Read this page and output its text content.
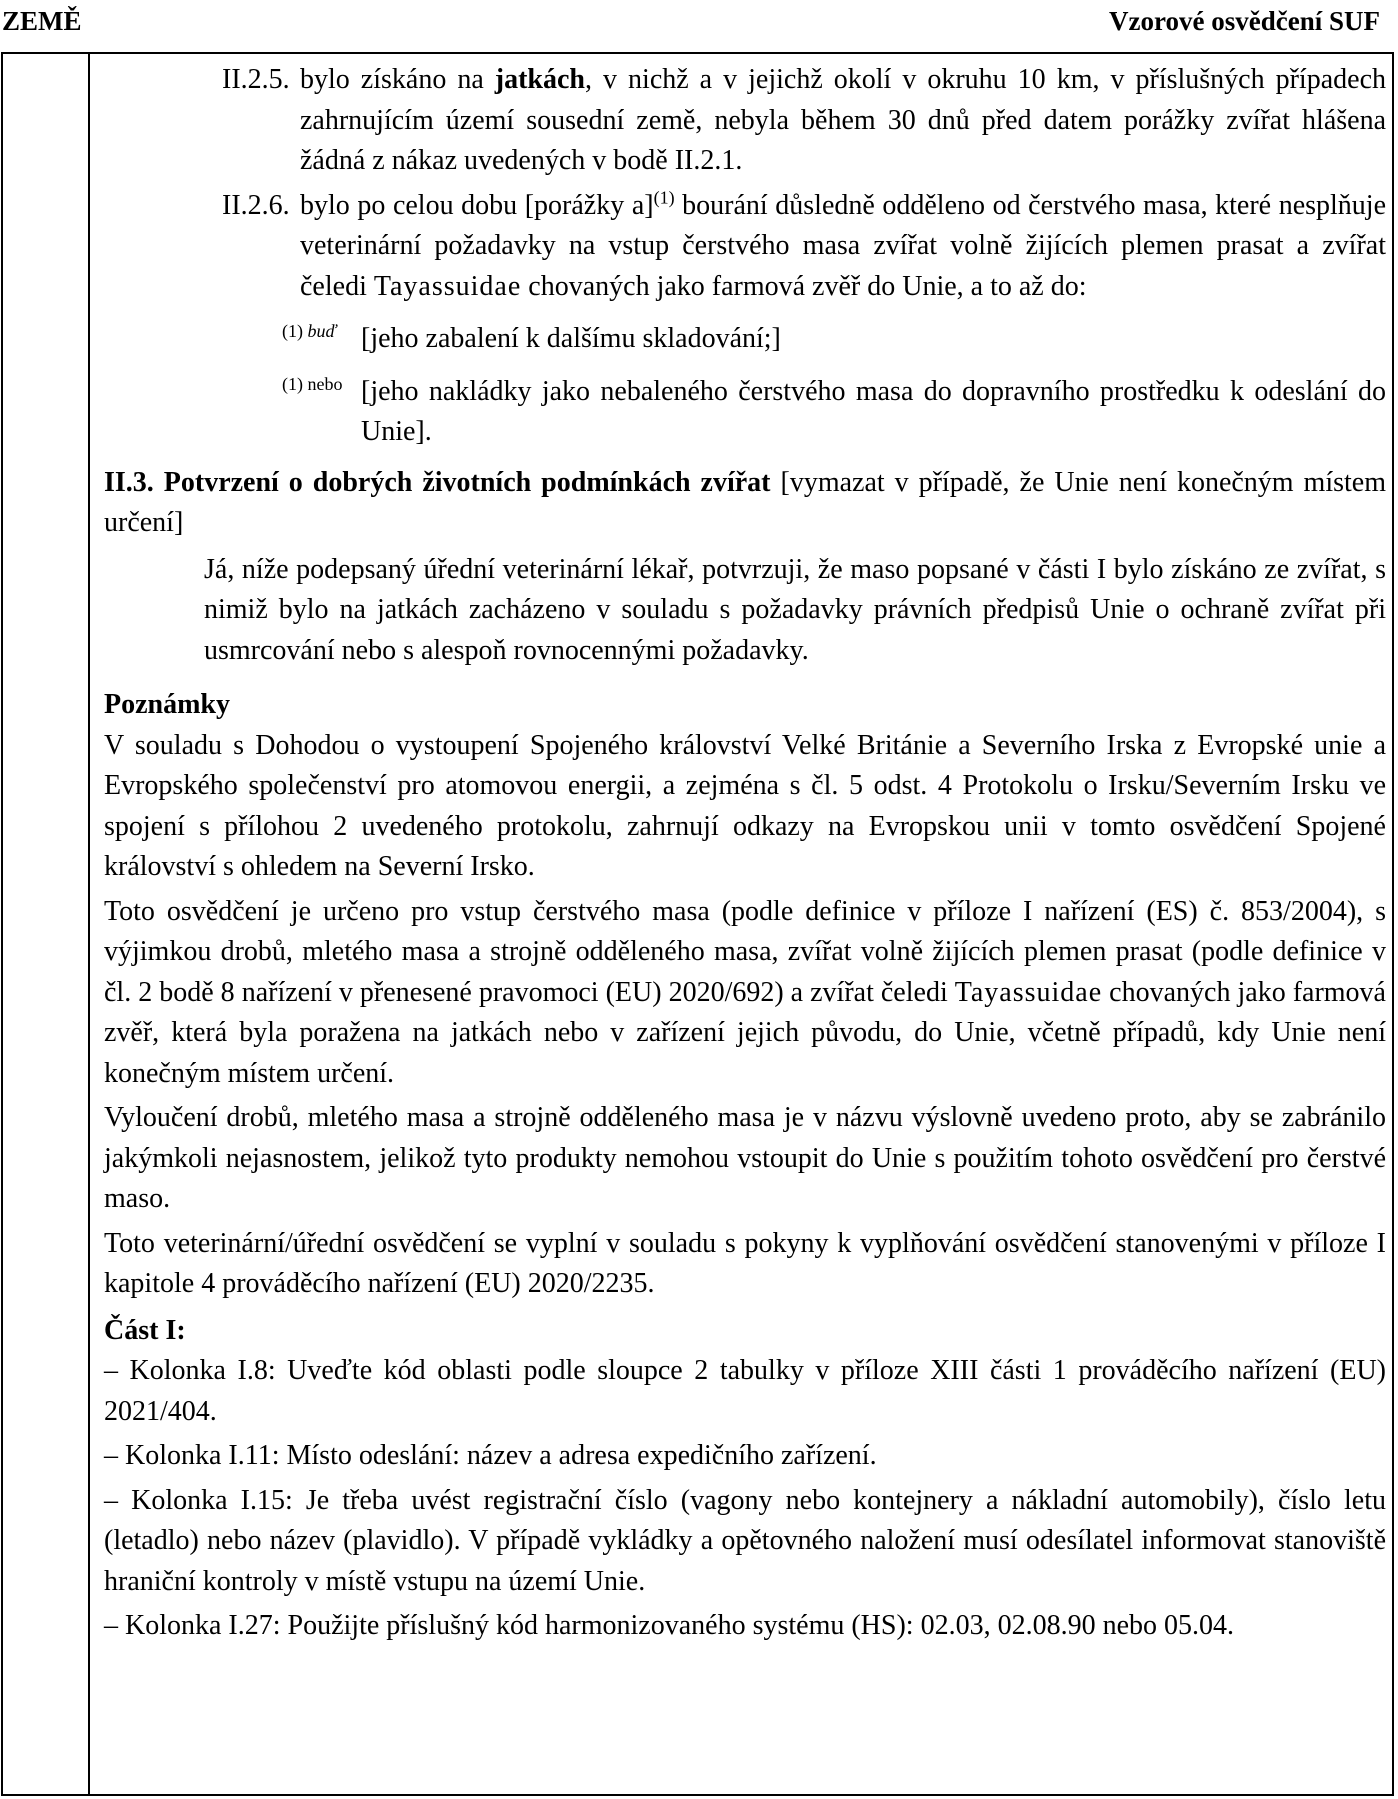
ZEMĚ	Vzorové osvědčení SUF

II.2.5. bylo získáno na jatkách, v nichž a v jejichž okolí v okruhu 10 km, v příslušných případech zahrnujícím území sousední země, nebyla během 30 dnů před datem porážky zvířat hlášena žádná z nákaz uvedených v bodě II.2.1.

II.2.6. bylo po celou dobu [porážky a]$^{(1)}$ bourání důsledně odděleno od čerstvého masa, které nesplňuje veterinární požadavky na vstup čerstvého masa zvířat volně žijících plemen prasat a zvířat čeledi Tayassuidae chovaných jako farmová zvěř do Unie, a to až do:

(1) buď [jeho zabalení k dalšímu skladování;]

(1) nebo [jeho nakládky jako nebaleného čerstvého masa do dopravního prostředku k odeslání do Unie].

II.3. Potvrzení o dobrých životních podmínkách zvířat [vymazat v případě, že Unie není konečným místem určení]

Já, níže podepsaný úřední veterinární lékař, potvrzuji, že maso popsané v části I bylo získáno ze zvířat, s nimiž bylo na jatkách zacházeno v souladu s požadavky právních předpisů Unie o ochraně zvířat při usmrcování nebo s alespoň rovnocennými požadavky.

Poznámky

V souladu s Dohodou o vystoupení Spojeného království Velké Británie a Severního Irska z Evropské unie a Evropského společenství pro atomovou energii, a zejména s čl. 5 odst. 4 Protokolu o Irsku/Severním Irsku ve spojení s přílohou 2 uvedeného protokolu, zahrnují odkazy na Evropskou unii v tomto osvědčení Spojené království s ohledem na Severní Irsko.

Toto osvědčení je určeno pro vstup čerstvého masa (podle definice v příloze I nařízení (ES) č. 853/2004), s výjimkou drobů, mletého masa a strojně odděleného masa, zvířat volně žijících plemen prasat (podle definice v čl. 2 bodě 8 nařízení v přenesené pravomoci (EU) 2020/692) a zvířat čeledi Tayassuidae chovaných jako farmová zvěř, která byla poražena na jatkách nebo v zařízení jejich původu, do Unie, včetně případů, kdy Unie není konečným místem určení.

Vyloučení drobů, mletého masa a strojně odděleného masa je v názvu výslovně uvedeno proto, aby se zabránilo jakýmkoli nejasnostem, jelikož tyto produkty nemohou vstoupit do Unie s použitím tohoto osvědčení pro čerstvé maso.

Toto veterinární/úřední osvědčení se vyplní v souladu s pokyny k vyplňování osvědčení stanovenými v příloze I kapitole 4 prováděcího nařízení (EU) 2020/2235.

Část I:

– Kolonka I.8: Uveďte kód oblasti podle sloupce 2 tabulky v příloze XIII části 1 prováděcího nařízení (EU) 2021/404.

– Kolonka I.11: Místo odeslání: název a adresa expedičního zařízení.

– Kolonka I.15: Je třeba uvést registrační číslo (vagony nebo kontejnery a nákladní automobily), číslo letu (letadlo) nebo název (plavidlo). V případě vykládky a opětovného naložení musí odesílatel informovat stanoviště hraniční kontroly v místě vstupu na území Unie.

– Kolonka I.27: Použijte příslušný kód harmonizovaného systému (HS): 02.03, 02.08.90 nebo 05.04.
